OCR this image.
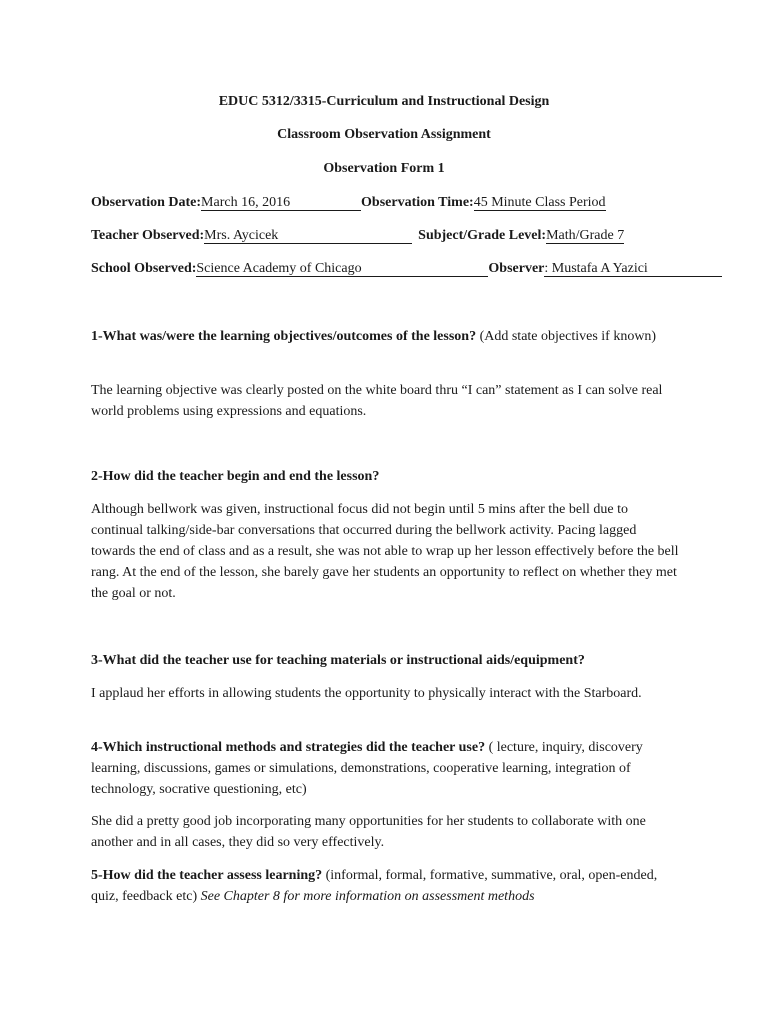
EDUC 5312/3315-Curriculum and Instructional Design
Classroom Observation Assignment
Observation Form 1
Observation Date:March 16, 2016	Observation Time:45 Minute Class Period
Teacher Observed:Mrs. Aycicek	Subject/Grade Level:Math/Grade 7
School Observed:Science Academy of Chicago	Observer: Mustafa A Yazici

1-What was/were the learning objectives/outcomes of the lesson? (Add state objectives if known)

The learning objective was clearly posted on the white board thru “I can” statement as I can solve real world problems using expressions and equations.

2-How did the teacher begin and end the lesson?

Although bellwork was given, instructional focus did not begin until 5 mins after the bell due to continual talking/side-bar conversations that occurred during the bellwork activity. Pacing lagged towards the end of class and as a result, she was not able to wrap up her lesson effectively before the bell rang. At the end of the lesson, she barely gave her students an opportunity to reflect on whether they met the goal or not.

3-What did the teacher use for teaching materials or instructional aids/equipment?

I applaud her efforts in allowing students the opportunity to physically interact with the Starboard.

4-Which instructional methods and strategies did the teacher use? ( lecture, inquiry, discovery learning, discussions, games or simulations, demonstrations, cooperative learning, integration of technology, socrative questioning, etc)

She did a pretty good job incorporating many opportunities for her students to collaborate with one another and in all cases, they did so very effectively.

5-How did the teacher assess learning? (informal, formal, formative, summative, oral, open-ended, quiz, feedback etc) See Chapter 8 for more information on assessment methods
